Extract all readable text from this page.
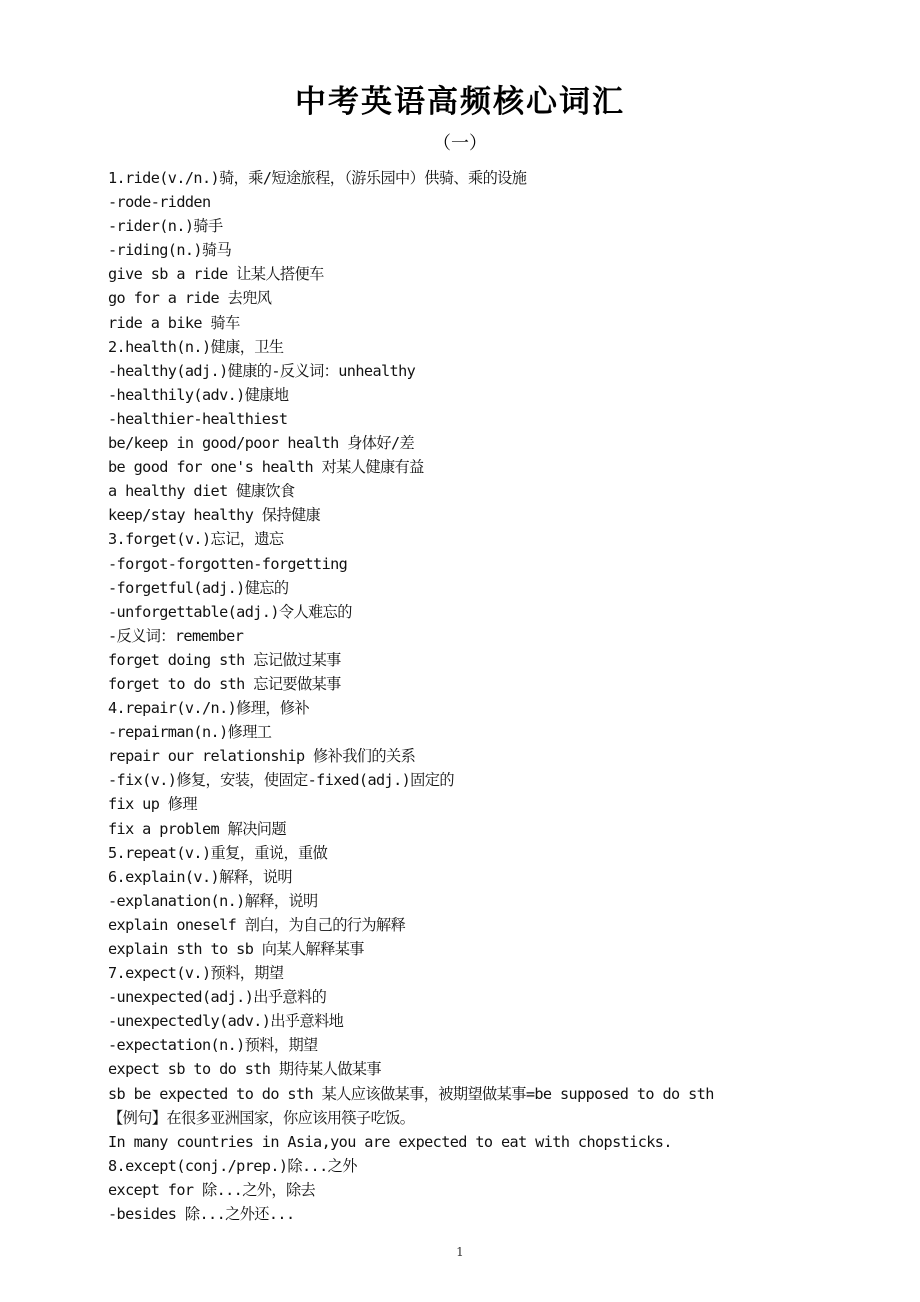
中考英语高频核心词汇
（一）
1.ride(v./n.)骑，乘/短途旅程，（游乐园中）供骑、乘的设施
-rode-ridden
-rider(n.)骑手
-riding(n.)骑马
give sb a ride 让某人搭便车
go for a ride 去兜风
ride a bike 骑车
2.health(n.)健康，卫生
-healthy(adj.)健康的-反义词：unhealthy
-healthily(adv.)健康地
-healthier-healthiest
be/keep in good/poor health 身体好/差
be good for one's health 对某人健康有益
a healthy diet 健康饮食
keep/stay healthy 保持健康
3.forget(v.)忘记，遗忘
-forgot-forgotten-forgetting
-forgetful(adj.)健忘的
-unforgettable(adj.)令人难忘的
-反义词：remember
forget doing sth 忘记做过某事
forget to do sth 忘记要做某事
4.repair(v./n.)修理，修补
-repairman(n.)修理工
repair our relationship 修补我们的关系
-fix(v.)修复，安装，使固定-fixed(adj.)固定的
fix up 修理
fix a problem 解决问题
5.repeat(v.)重复，重说，重做
6.explain(v.)解释，说明
-explanation(n.)解释，说明
explain oneself 剖白，为自己的行为解释
explain sth to sb 向某人解释某事
7.expect(v.)预料，期望
-unexpected(adj.)出乎意料的
-unexpectedly(adv.)出乎意料地
-expectation(n.)预料，期望
expect sb to do sth 期待某人做某事
sb be expected to do sth 某人应该做某事，被期望做某事=be supposed to do sth
【例句】在很多亚洲国家，你应该用筷子吃饭。
In many countries in Asia,you are expected to eat with chopsticks.
8.except(conj./prep.)除...之外
except for 除...之外，除去
-besides 除...之外还...
1
